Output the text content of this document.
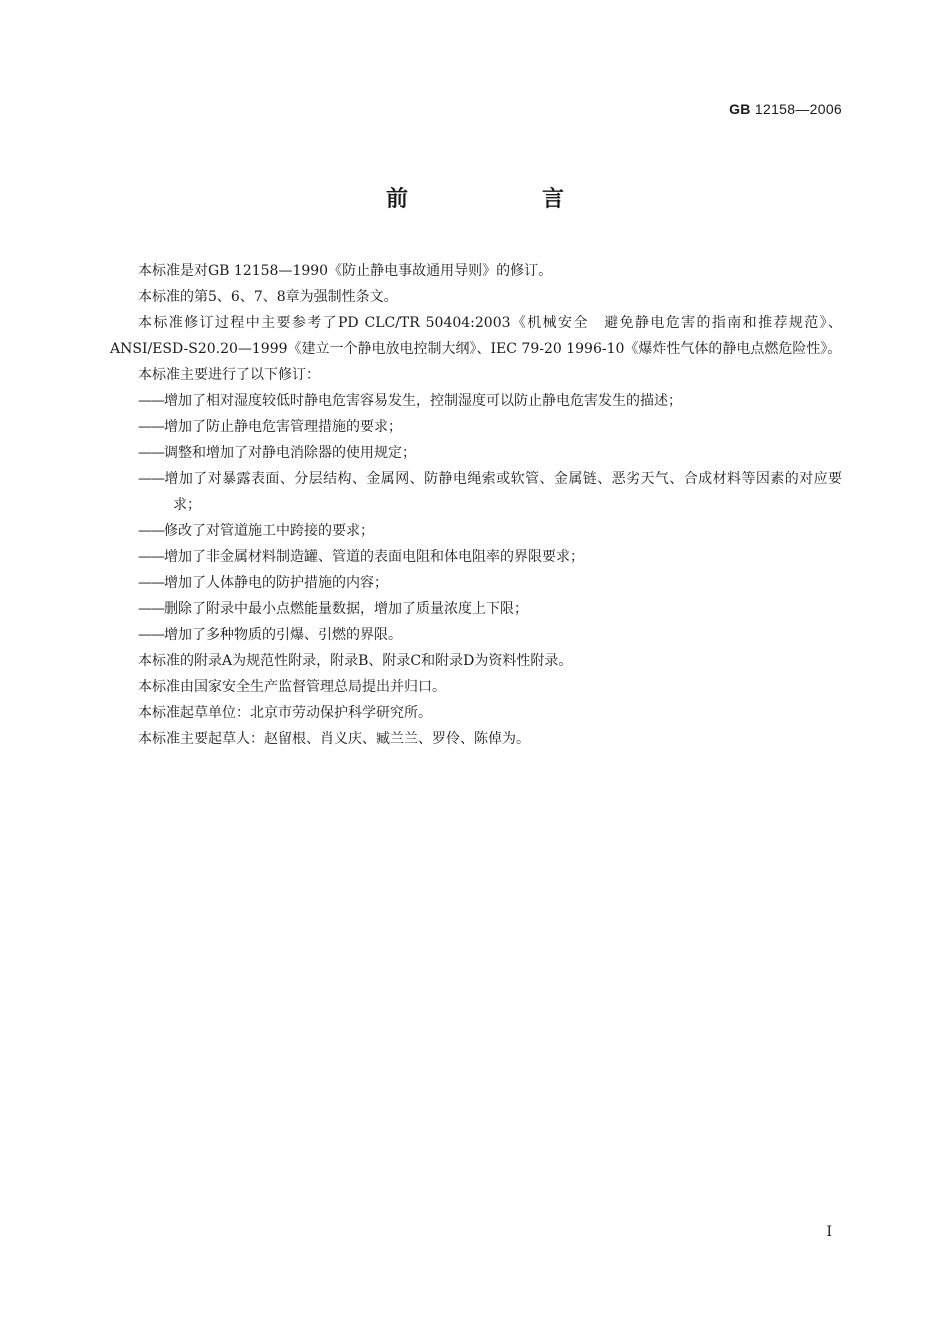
GB 12158—2006
前　言

本标准是对GB 12158—1990《防止静电事故通用导则》的修订。

本标准的第5、6、7、8章为强制性条文。

本标准修订过程中主要参考了PD CLC/TR 50404:2003《机械安全　避免静电危害的指南和推荐规范》、ANSI/ESD-S20.20—1999《建立一个静电放电控制大纲》、IEC 79-20 1996-10《爆炸性气体的静电点燃危险性》。

本标准主要进行了以下修订：

——增加了相对湿度较低时静电危害容易发生，控制湿度可以防止静电危害发生的描述；

——增加了防止静电危害管理措施的要求；

——调整和增加了对静电消除器的使用规定；

——增加了对暴露表面、分层结构、金属网、防静电绳索或软管、金属链、恶劣天气、合成材料等因素的对应要求；

——修改了对管道施工中跨接的要求；

——增加了非金属材料制造罐、管道的表面电阻和体电阻率的界限要求；

——增加了人体静电的防护措施的内容；

——删除了附录中最小点燃能量数据，增加了质量浓度上下限；

——增加了多种物质的引爆、引燃的界限。

本标准的附录A为规范性附录，附录B、附录C和附录D为资料性附录。

本标准由国家安全生产监督管理总局提出并归口。

本标准起草单位：北京市劳动保护科学研究所。

本标准主要起草人：赵留根、肖义庆、臧兰兰、罗伶、陈倬为。

I
